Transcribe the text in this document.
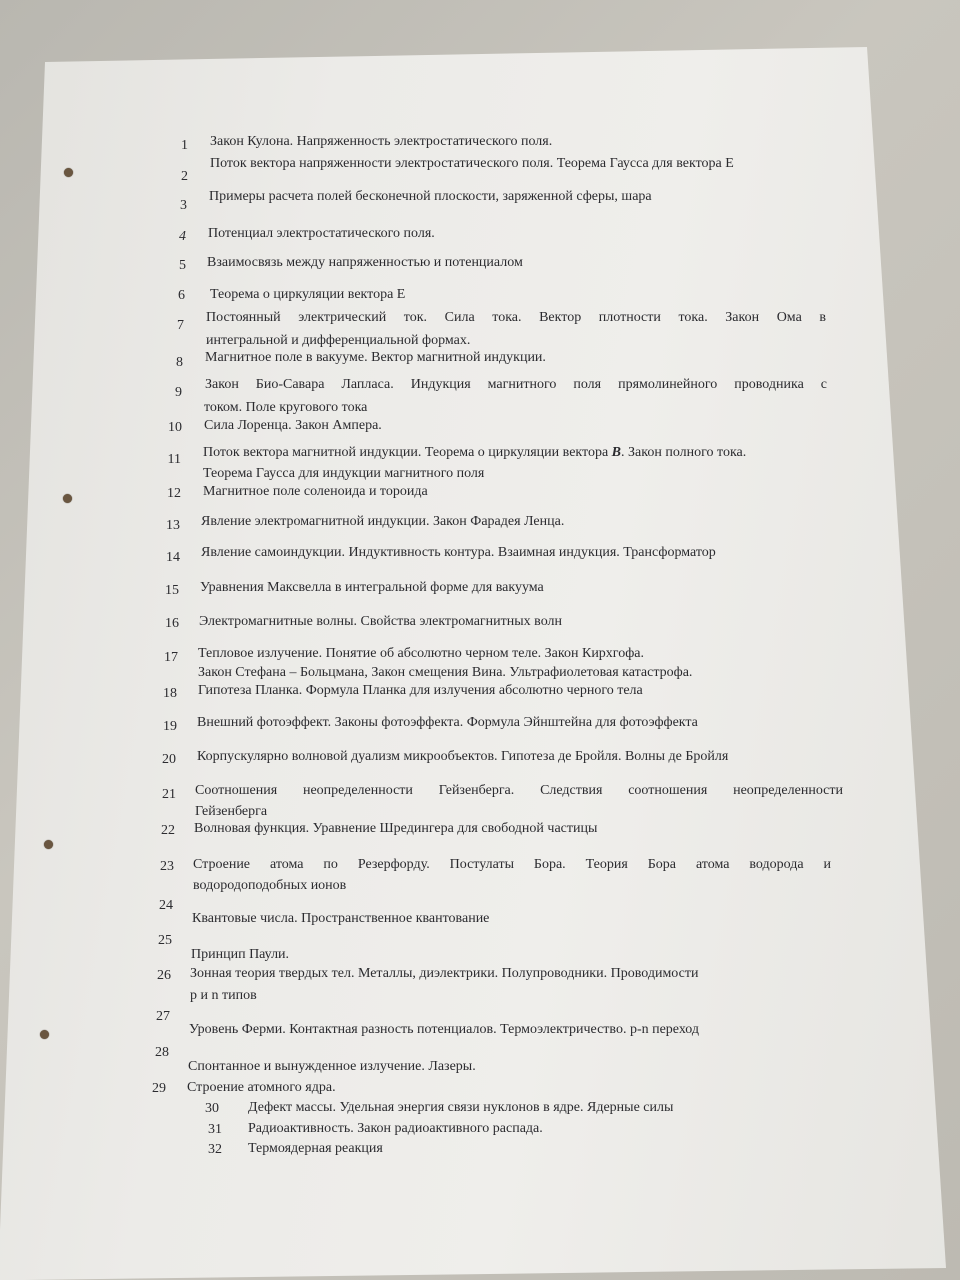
1 Закон Кулона. Напряженность электростатического поля.
2
Поток вектора напряженности электростатического поля. Теорема Гаусса для вектора E
3
Примеры расчета полей бесконечной плоскости, заряженной сферы, шара
4 Потенциал электростатического поля.
5 Взаимосвязь между напряженностью и потенциалом
6 Теорема о циркуляции вектора E
7
Постоянный электрический ток. Сила тока. Вектор плотности тока. Закон Ома в
интегральной и дифференциальной формах.
8 Магнитное поле в вакууме. Вектор магнитной индукции.
9
Закон Био-Савара Лапласа. Индукция магнитного поля прямолинейного проводника с
током. Поле кругового тока
10 Сила Лоренца. Закон Ампера.
11 Поток вектора магнитной индукции. Теорема о циркуляции вектора B. Закон полного тока.
Теорема Гаусса для индукции магнитного поля
12 Магнитное поле соленоида и тороида
13 Явление электромагнитной индукции. Закон Фарадея Ленца.
14 Явление самоиндукции. Индуктивность контура. Взаимная индукция. Трансформатор
15 Уравнения Максвелла в интегральной форме для вакуума
16 Электромагнитные волны. Свойства электромагнитных волн
17 Тепловое излучение. Понятие об абсолютно черном теле. Закон Кирхгофа.
Закон Стефана – Больцмана, Закон смещения Вина. Ультрафиолетовая катастрофа.
18 Гипотеза Планка. Формула Планка для излучения абсолютно черного тела
19 Внешний фотоэффект. Законы фотоэффекта. Формула Эйнштейна для фотоэффекта
20 Корпускулярно волновой дуализм микрообъектов. Гипотеза де Бройля. Волны де Бройля
21 Соотношения неопределенности Гейзенберга. Следствия соотношения неопределенности
Гейзенберга
22 Волновая функция. Уравнение Шредингера для свободной частицы
23 Строение атома по Резерфорду. Постулаты Бора. Теория Бора атома водорода и
водородоподобных ионов
24
Квантовые числа. Пространственное квантование
25
Принцип Паули.
26 Зонная теория твердых тел. Металлы, диэлектрики. Полупроводники. Проводимости
p и n типов
27
Уровень Ферми. Контактная разность потенциалов. Термоэлектричество. p-n переход
28
Спонтанное и вынужденное излучение. Лазеры.
29 Строение атомного ядра.
30 Дефект массы. Удельная энергия связи нуклонов в ядре. Ядерные силы
31 Радиоактивность. Закон радиоактивного распада.
32 Термоядерная реакция
